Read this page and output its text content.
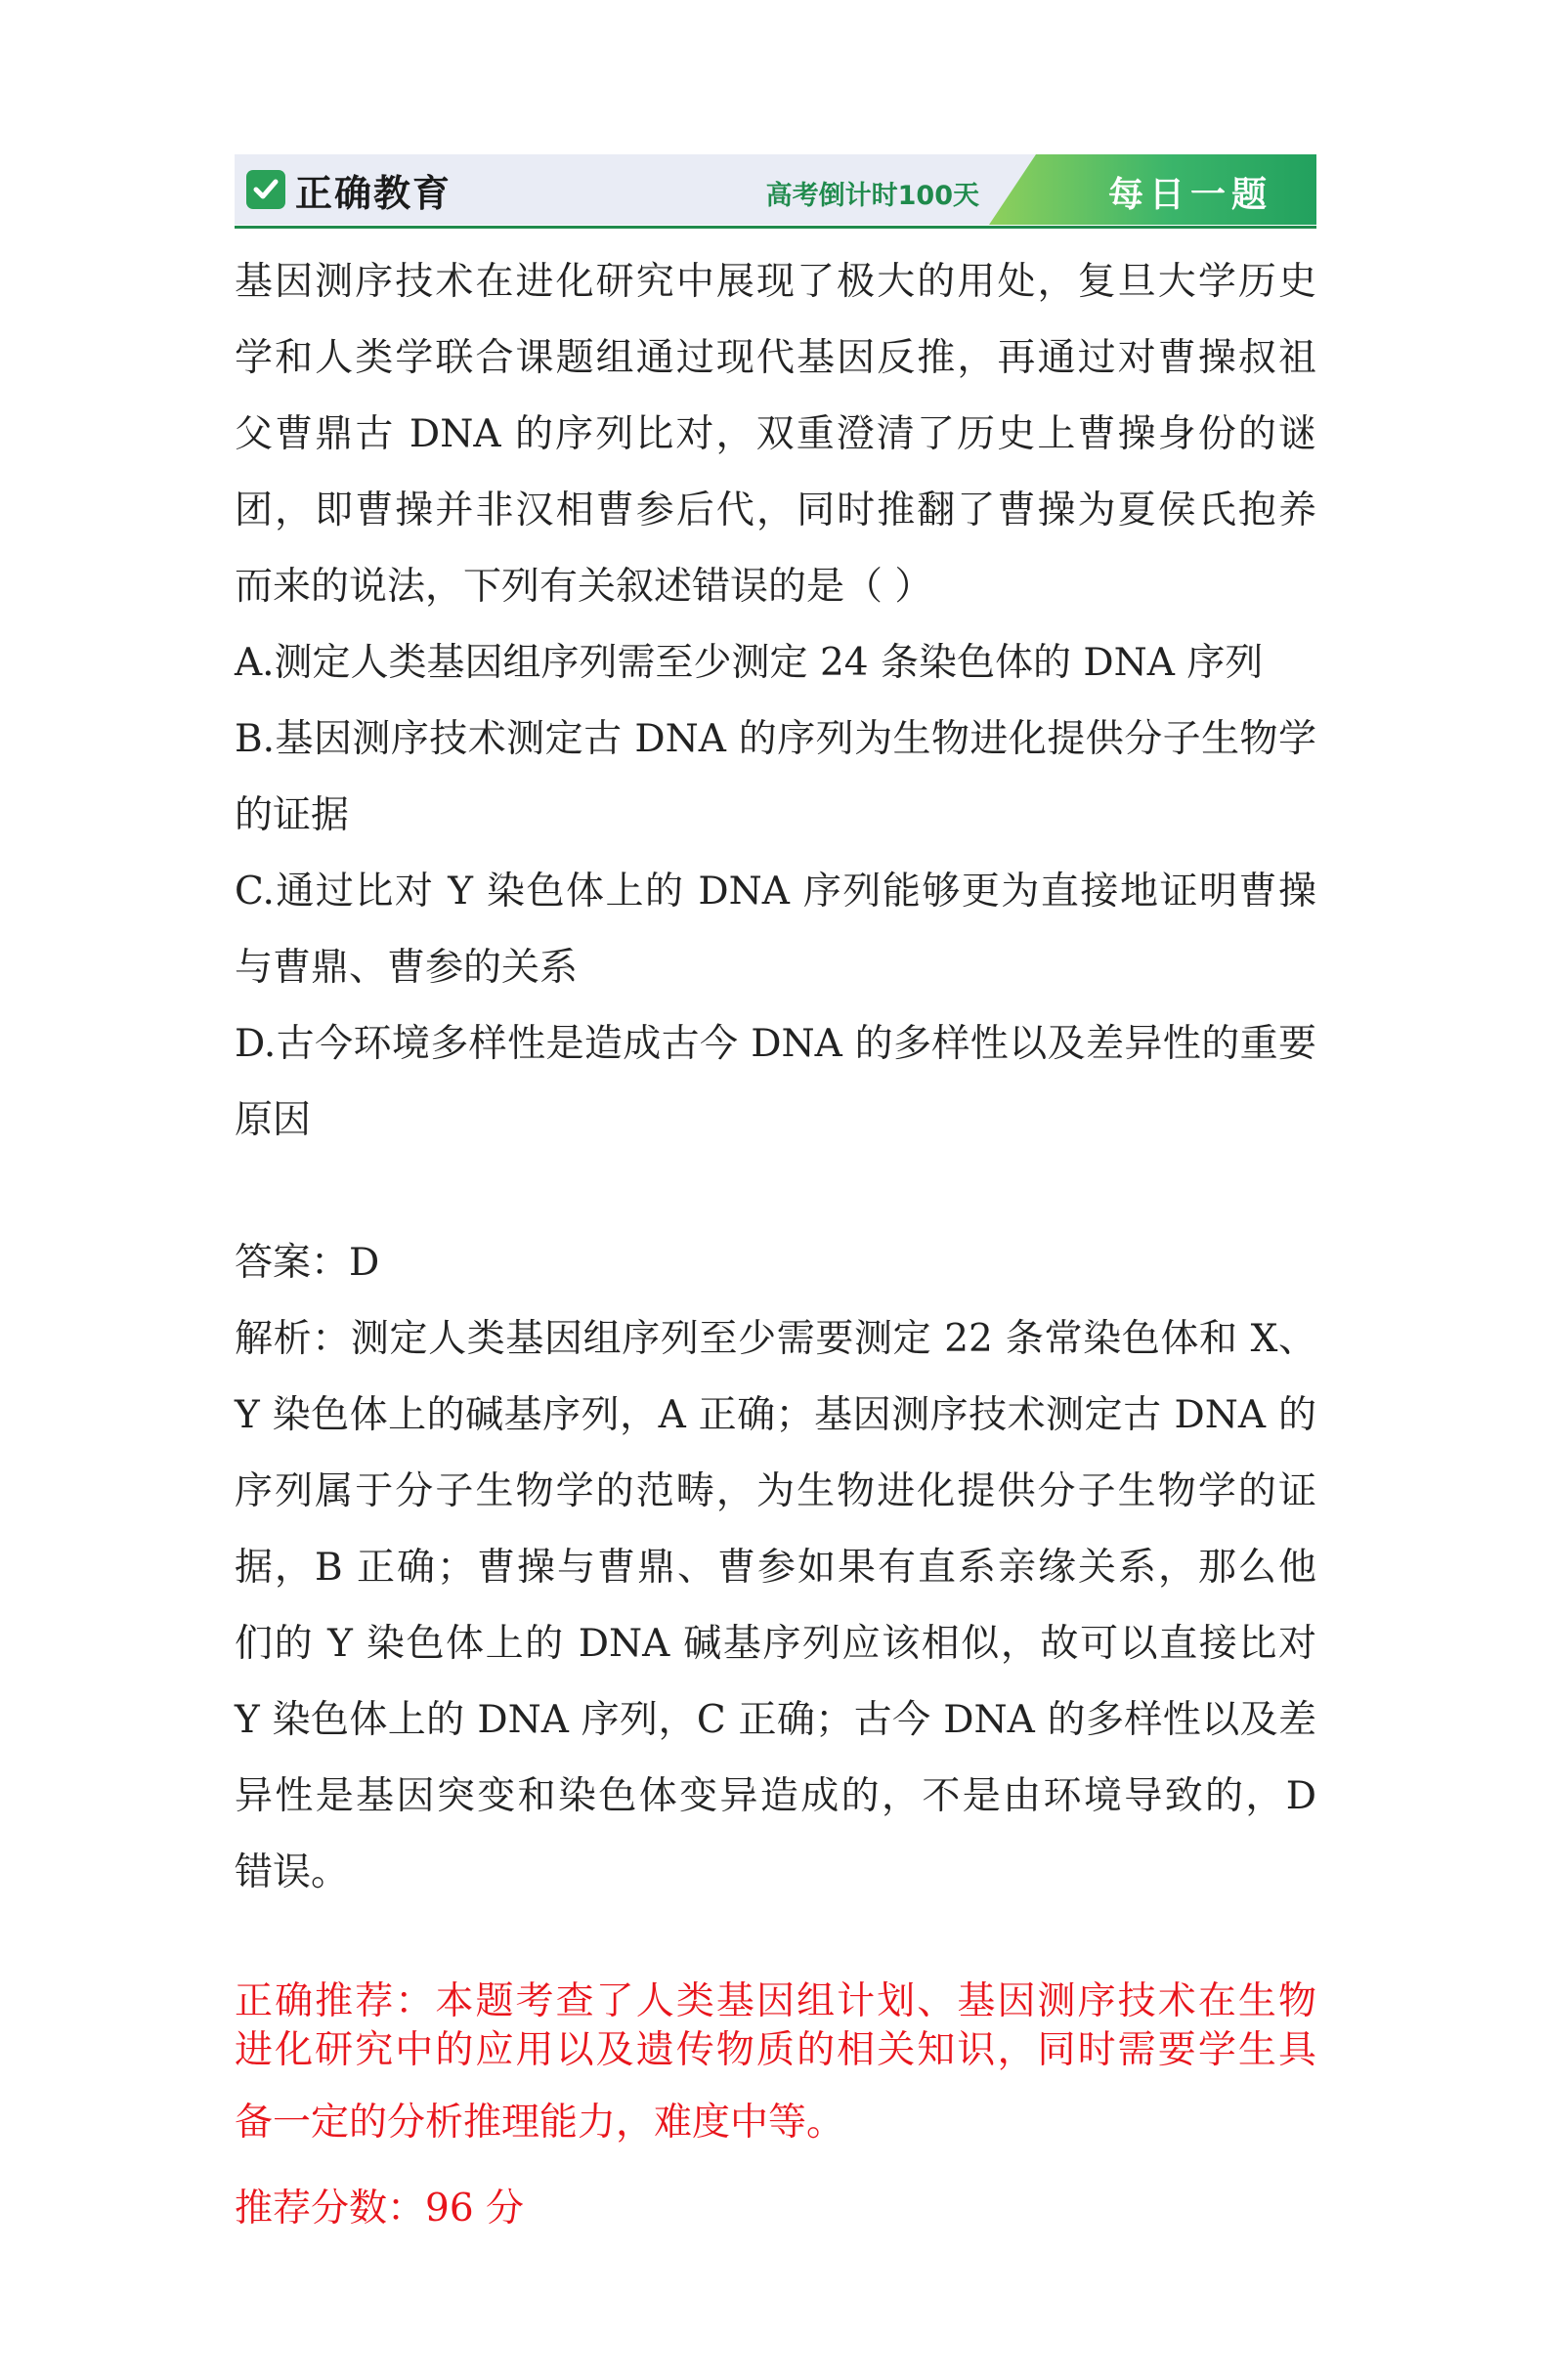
正确教育	高考倒计时100天	每日一题
基因测序技术在进化研究中展现了极大的用处，复旦大学历史
学和人类学联合课题组通过现代基因反推，再通过对曹操叔祖
父曹鼎古 DNA 的序列比对，双重澄清了历史上曹操身份的谜
团，即曹操并非汉相曹参后代，同时推翻了曹操为夏侯氏抱养
而来的说法，下列有关叙述错误的是（ ）
A.测定人类基因组序列需至少测定 24 条染色体的 DNA 序列
B.基因测序技术测定古 DNA 的序列为生物进化提供分子生物学
的证据
C.通过比对 Y 染色体上的 DNA 序列能够更为直接地证明曹操
与曹鼎、曹参的关系
D.古今环境多样性是造成古今 DNA 的多样性以及差异性的重要
原因
答案：D
解析：测定人类基因组序列至少需要测定 22 条常染色体和 X、
Y 染色体上的碱基序列，A 正确；基因测序技术测定古 DNA 的
序列属于分子生物学的范畴，为生物进化提供分子生物学的证
据，B 正确；曹操与曹鼎、曹参如果有直系亲缘关系，那么他
们的 Y 染色体上的 DNA 碱基序列应该相似，故可以直接比对
Y 染色体上的 DNA 序列，C 正确；古今 DNA 的多样性以及差
异性是基因突变和染色体变异造成的，不是由环境导致的，D
错误。
正确推荐：本题考查了人类基因组计划、基因测序技术在生物
进化研究中的应用以及遗传物质的相关知识，同时需要学生具
备一定的分析推理能力，难度中等。
推荐分数：96 分
